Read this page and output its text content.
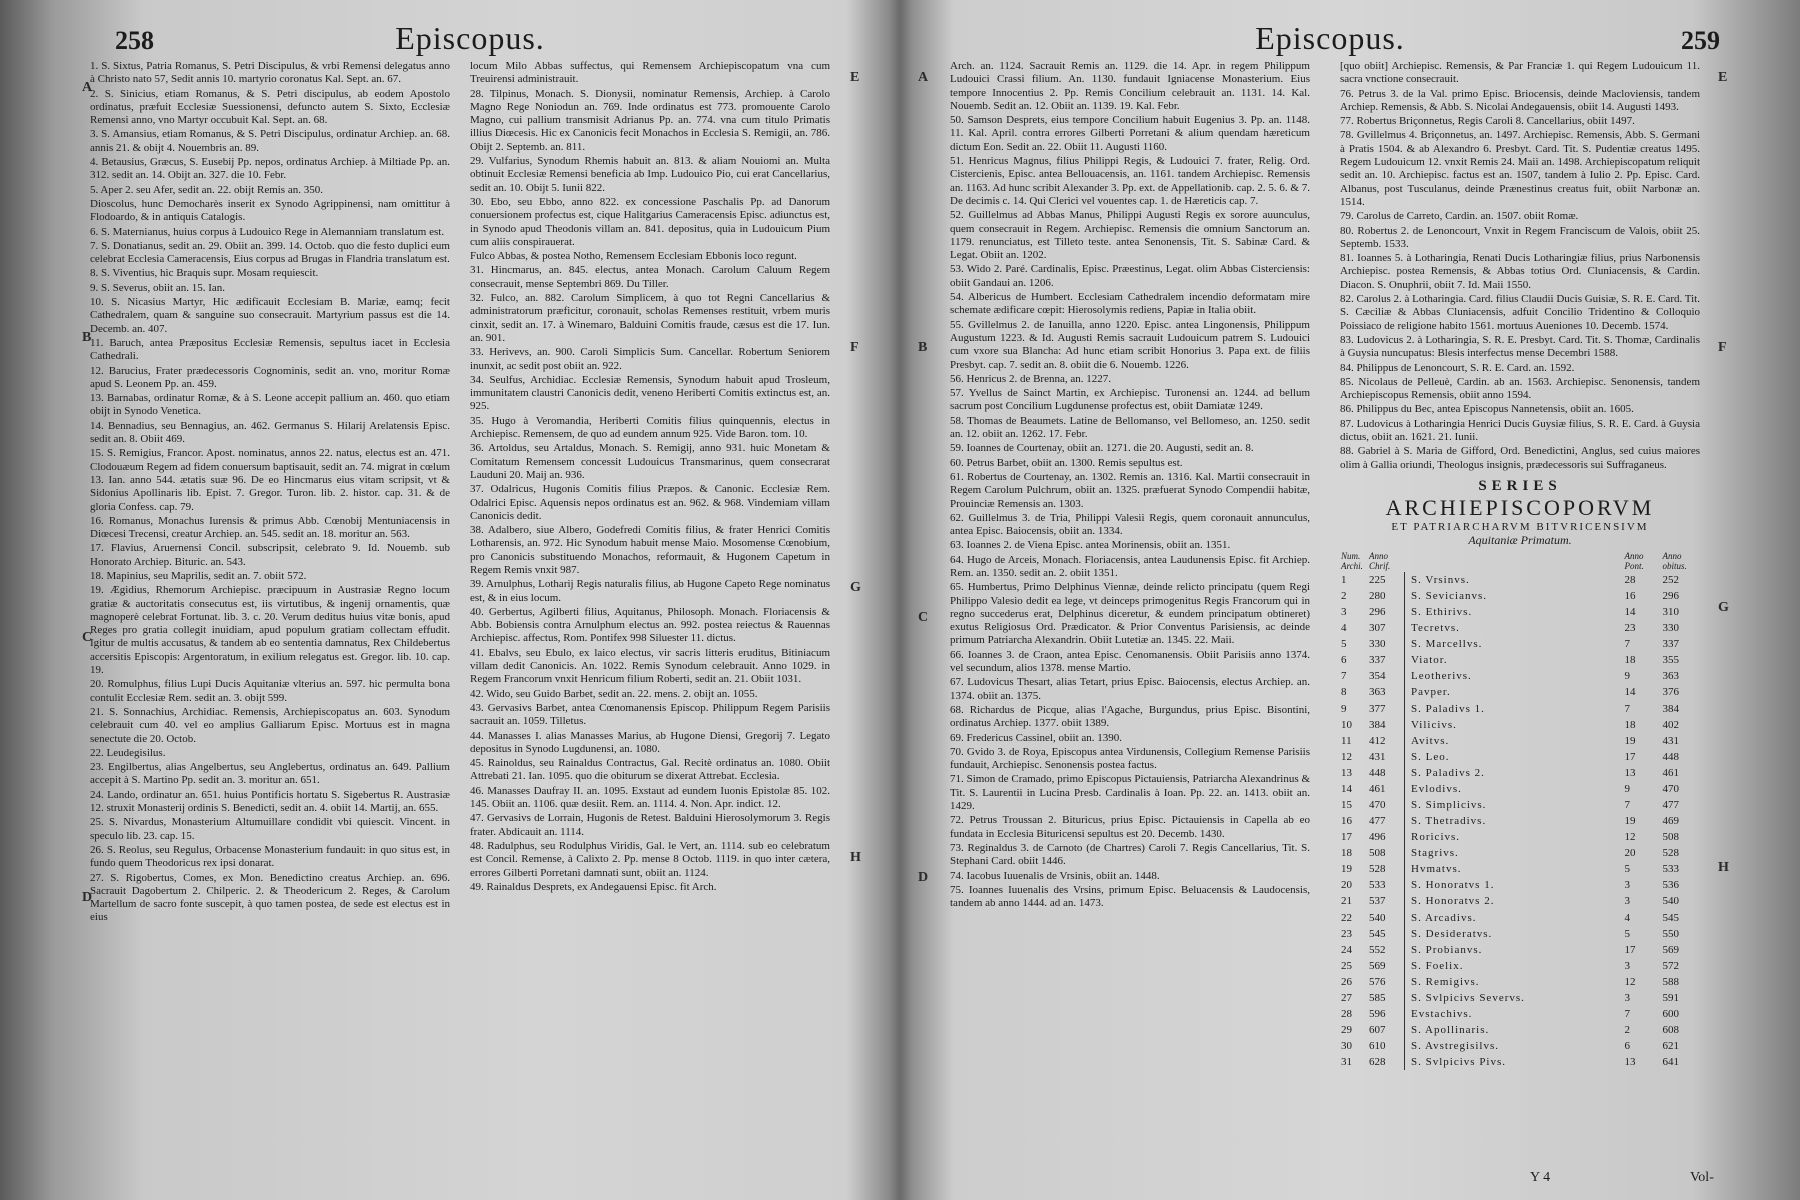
258	Episcopus.
A
B
C
D
E
F
G
H

1. S. Sixtus, Patria Romanus, S. Petri Discipulus, & vrbi Remensi delegatus anno à Christo nato 57, Sedit annis 10. martyrio coronatus Kal. Sept. an. 67.

2. S. Sinicius, etiam Romanus, & S. Petri discipulus, ab eodem Apostolo ordinatus, præfuit Ecclesiæ Suessionensi, defuncto autem S. Sixto, Ecclesiæ Remensi anno, vno Martyr occubuit Kal. Sept. an. 68.

3. S. Amansius, etiam Romanus, & S. Petri Discipulus, ordinatur Archiep. an. 68. annis 21. & obijt 4. Nouembris an. 89.

4. Betausius, Græcus, S. Eusebij Pp. nepos, ordinatus Archiep. à Miltiade Pp. an. 312. sedit an. 14. Obijt an. 327. die 10. Febr.

5. Aper 2. seu Afer, sedit an. 22. obijt Remis an. 350.

Dioscolus, hunc Democharès inserit ex Synodo Agrippinensi, nam omittitur à Flodoardo, & in antiquis Catalogis.

6. S. Maternianus, huius corpus à Ludouico Rege in Alemanniam translatum est.

7. S. Donatianus, sedit an. 29. Obiit an. 399. 14. Octob. quo die festo duplici eum celebrat Ecclesia Cameracensis, Eius corpus ad Brugas in Flandria translatum est.

8. S. Viventius, hic Braquis supr. Mosam requiescit.

9. S. Severus, obiit an. 15. Ian.

10. S. Nicasius Martyr, Hic ædificauit Ecclesiam B. Mariæ, eamq; fecit Cathedralem, quam & sanguine suo consecrauit. Martyrium passus est die 14. Decemb. an. 407.

11. Baruch, antea Præpositus Ecclesiæ Remensis, sepultus iacet in Ecclesia Cathedrali.

12. Barucius, Frater prædecessoris Cognominis, sedit an. vno, moritur Romæ apud S. Leonem Pp. an. 459.

13. Barnabas, ordinatur Romæ, & à S. Leone accepit pallium an. 460. quo etiam obijt in Synodo Venetica.

14. Bennadius, seu Bennagius, an. 462. Germanus S. Hilarij Arelatensis Episc. sedit an. 8. Obiit 469.

15. S. Remigius, Francor. Apost. nominatus, annos 22. natus, electus est an. 471. Clodouæum Regem ad fidem conuersum baptisauit, sedit an. 74. migrat in cœlum 13. Ian. anno 544. ætatis suæ 96. De eo Hincmarus eius vitam scripsit, vt & Sidonius Apollinaris lib. Epist. 7. Gregor. Turon. lib. 2. histor. cap. 31. & de gloria Confess. cap. 79.

16. Romanus, Monachus Iurensis & primus Abb. Cœnobij Mentuniacensis in Diœcesi Trecensi, creatur Archiep. an. 545. sedit an. 18. moritur an. 563.

17. Flavius, Aruernensi Concil. subscripsit, celebrato 9. Id. Nouemb. sub Honorato Archiep. Bituric. an. 543.

18. Mapinius, seu Maprilis, sedit an. 7. obiit 572.

19. Ægidius, Rhemorum Archiepisc. præcipuum in Austrasiæ Regno locum gratiæ & auctoritatis consecutus est, iis virtutibus, & ingenij ornamentis, quæ magnoperè celebrat Fortunat. lib. 3. c. 20. Verum deditus huius vitæ bonis, apud Reges pro gratia collegit inuidiam, apud populum gratiam collectam effudit. Igitur de multis accusatus, & tandem ab eo sententia damnatus, Rex Childebertus accersitis Episcopis: Argentoratum, in exilium relegatus est. Gregor. lib. 10. cap. 19.

20. Romulphus, filius Lupi Ducis Aquitaniæ vlterius an. 597. hic permulta bona contulit Ecclesiæ Rem. sedit an. 3. obijt 599.

21. S. Sonnachius, Archidiac. Remensis, Archiepiscopatus an. 603. Synodum celebrauit cum 40. vel eo amplius Galliarum Episc. Mortuus est in magna senectute die 20. Octob.

22. Leudegisilus.

23. Engilbertus, alias Angelbertus, seu Anglebertus, ordinatus an. 649. Pallium accepit à S. Martino Pp. sedit an. 3. moritur an. 651.

24. Lando, ordinatur an. 651. huius Pontificis hortatu S. Sigebertus R. Austrasiæ 12. struxit Monasterij ordinis S. Benedicti, sedit an. 4. obiit 14. Martij, an. 655.

25. S. Nivardus, Monasterium Altumuillare condidit vbi quiescit. Vincent. in speculo lib. 23. cap. 15.

26. S. Reolus, seu Regulus, Orbacense Monasterium fundauit: in quo situs est, in fundo quem Theodoricus rex ipsi donarat.

27. S. Rigobertus, Comes, ex Mon. Benedictino creatus Archiep. an. 696. Sacrauit Dagobertum 2. Chilperic. 2. & Theodericum 2. Reges, & Carolum Martellum de sacro fonte suscepit, à quo tamen postea, de sede est electus est in eius

locum Milo Abbas suffectus, qui Remensem Archiepiscopatum vna cum Treuirensi administrauit.

28. Tilpinus, Monach. S. Dionysii, nominatur Remensis, Archiep. à Carolo Magno Rege Noniodun an. 769. Inde ordinatus est 773. promouente Carolo Magno, cui pallium transmisit Adrianus Pp. an. 774. vna cum titulo Primatis illius Diœcesis. Hic ex Canonicis fecit Monachos in Ecclesia S. Remigii, an. 786. Obijt 2. Septemb. an. 811.

29. Vulfarius, Synodum Rhemis habuit an. 813. & aliam Nouiomi an. Multa obtinuit Ecclesiæ Remensi beneficia ab Imp. Ludouico Pio, cui erat Cancellarius, sedit an. 10. Obijt 5. Iunii 822.

30. Ebo, seu Ebbo, anno 822. ex concessione Paschalis Pp. ad Danorum conuersionem profectus est, cique Halitgarius Cameracensis Episc. adiunctus est, in Synodo apud Theodonis villam an. 841. depositus, quia in Ludouicum Pium cum aliis conspirauerat.

Fulco Abbas, & postea Notho, Remensem Ecclesiam Ebbonis loco regunt.

31. Hincmarus, an. 845. electus, antea Monach. Carolum Caluum Regem consecrauit, mense Septembri 869. Du Tiller.

32. Fulco, an. 882. Carolum Simplicem, à quo tot Regni Cancellarius & administratorum præficitur, coronauit, scholas Remenses restituit, vrbem muris cinxit, sedit an. 17. à Winemaro, Balduini Comitis fraude, cæsus est die 17. Iun. an. 901.

33. Herivevs, an. 900. Caroli Simplicis Sum. Cancellar. Robertum Seniorem inunxit, ac sedit post obiit an. 922.

34. Seulfus, Archidiac. Ecclesiæ Remensis, Synodum habuit apud Trosleum, immunitatem claustri Canonicis dedit, veneno Heriberti Comitis extinctus est, an. 925.

35. Hugo à Veromandia, Heriberti Comitis filius quinquennis, electus in Archiepisc. Remensem, de quo ad eundem annum 925. Vide Baron. tom. 10.

36. Artoldus, seu Artaldus, Monach. S. Remigij, anno 931. huic Monetam & Comitatum Remensem concessit Ludouicus Transmarinus, quem consecrarat Lauduni 20. Maij an. 936.

37. Odalricus, Hugonis Comitis filius Præpos. & Canonic. Ecclesiæ Rem. Odalrici Episc. Aquensis nepos ordinatus est an. 962. & 968. Vindemiam villam Canonicis dedit.

38. Adalbero, siue Albero, Godefredi Comitis filius, & frater Henrici Comitis Lotharensis, an. 972. Hic Synodum habuit mense Maio. Mosomense Cœnobium, pro Canonicis substituendo Monachos, reformauit, & Hugonem Capetum in Regem Remis vnxit 987.

39. Arnulphus, Lotharij Regis naturalis filius, ab Hugone Capeto Rege nominatus est, & in eius locum.

40. Gerbertus, Agilberti filius, Aquitanus, Philosoph. Monach. Floriacensis & Abb. Bobiensis contra Arnulphum electus an. 992. postea reiectus & Rauennas Archiepisc. affectus, Rom. Pontifex 998 Siluester 11. dictus.

41. Ebalvs, seu Ebulo, ex laico electus, vir sacris litteris eruditus, Bitiniacum villam dedit Canonicis. An. 1022. Remis Synodum celebrauit. Anno 1029. in Regem Francorum vnxit Henricum filium Roberti, sedit an. 21. Obiit 1031.

42. Wido, seu Guido Barbet, sedit an. 22. mens. 2. obijt an. 1055.

43. Gervasivs Barbet, antea Cœnomanensis Episcop. Philippum Regem Parisiis sacrauit an. 1059. Tilletus.

44. Manasses I. alias Manasses Marius, ab Hugone Diensi, Gregorij 7. Legato depositus in Synodo Lugdunensi, an. 1080.

45. Rainoldus, seu Rainaldus Contractus, Gal. Recitè ordinatus an. 1080. Obiit Attrebati 21. Ian. 1095. quo die obiturum se dixerat Attrebat. Ecclesia.

46. Manasses Daufray II. an. 1095. Exstaut ad eundem Iuonis Epistolæ 85. 102. 145. Obiit an. 1106. quæ desiit. Rem. an. 1114. 4. Non. Apr. indict. 12.

47. Gervasivs de Lorrain, Hugonis de Retest. Balduini Hierosolymorum 3. Regis frater. Abdicauit an. 1114.

48. Radulphus, seu Rodulphus Viridis, Gal. le Vert, an. 1114. sub eo celebratum est Concil. Remense, à Calixto 2. Pp. mense 8 Octob. 1119. in quo inter cætera, errores Gilberti Porretani damnati sunt, obiit an. 1124.

49. Rainaldus Desprets, ex Andegauensi Episc. fit Arch.

Episcopus.	259
A
B
C
D
E
F
G
H

Arch. an. 1124. Sacrauit Remis an. 1129. die 14. Apr. in regem Philippum Ludouici Crassi filium. An. 1130. fundauit Igniacense Monasterium. Eius tempore Innocentius 2. Pp. Remis Concilium celebrauit an. 1131. 14. Kal. Nouemb. Sedit an. 12. Obiit an. 1139. 19. Kal. Febr.

50. Samson Desprets, eius tempore Concilium habuit Eugenius 3. Pp. an. 1148. 11. Kal. April. contra errores Gilberti Porretani & alium quendam hæreticum dictum Eon. Sedit an. 22. Obiit 11. Augusti 1160.

51. Henricus Magnus, filius Philippi Regis, & Ludouici 7. frater, Relig. Ord. Cistercienis, Episc. antea Bellouacensis, an. 1161. tandem Archiepisc. Remensis an. 1163. Ad hunc scribit Alexander 3. Pp. ext. de Appellationib. cap. 2. 5. 6. & 7. De decimis c. 14. Qui Clerici vel vouentes cap. 1. de Hæreticis cap. 7.

52. Guillelmus ad Abbas Manus, Philippi Augusti Regis ex sorore auunculus, quem consecrauit in Regem. Archiepisc. Remensis die omnium Sanctorum an. 1179. renunciatus, est Tilleto teste. antea Senonensis, Tit. S. Sabinæ Card. & Legat. Obiit an. 1202.

53. Wido 2. Paré. Cardinalis, Episc. Præestinus, Legat. olim Abbas Cisterciensis: obiit Gandaui an. 1206.

54. Albericus de Humbert. Ecclesiam Cathedralem incendio deformatam mire schemate ædificare cœpit: Hierosolymis rediens, Papiæ in Italia obiit.

55. Gvillelmus 2. de Ianuilla, anno 1220. Episc. antea Lingonensis, Philippum Augustum 1223. & Id. Augusti Remis sacrauit Ludouicum patrem S. Ludouici cum vxore sua Blancha: Ad hunc etiam scribit Honorius 3. Papa ext. de filiis Presbyt. cap. 7. sedit an. 8. obiit die 6. Nouemb. 1226.

56. Henricus 2. de Brenna, an. 1227.

57. Yvellus de Sainct Martin, ex Archiepisc. Turonensi an. 1244. ad bellum sacrum post Concilium Lugdunense profectus est, obiit Damiatæ 1249.

58. Thomas de Beaumets. Latine de Bellomanso, vel Bellomeso, an. 1250. sedit an. 12. obiit an. 1262. 17. Febr.

59. Ioannes de Courtenay, obiit an. 1271. die 20. Augusti, sedit an. 8.

60. Petrus Barbet, obiit an. 1300. Remis sepultus est.

61. Robertus de Courtenay, an. 1302. Remis an. 1316. Kal. Martii consecrauit in Regem Carolum Pulchrum, obiit an. 1325. præfuerat Synodo Compendii habitæ, Prouinciæ Remensis an. 1303.

62. Guillelmus 3. de Tria, Philippi Valesii Regis, quem coronauit annunculus, antea Episc. Baiocensis, obiit an. 1334.

63. Ioannes 2. de Viena Episc. antea Morinensis, obiit an. 1351.

64. Hugo de Arceis, Monach. Floriacensis, antea Laudunensis Episc. fit Archiep. Rem. an. 1350. sedit an. 2. obiit 1351.

65. Humbertus, Primo Delphinus Viennæ, deinde relicto principatu (quem Regi Philippo Valesio dedit ea lege, vt deinceps primogenitus Regis Francorum qui in regno succederus erat, Delphinus diceretur, & eundem principatum obtineret) exutus Religiosus Ord. Prædicator. & Prior Conventus Parisiensis, ac deinde primum Patriarcha Alexandrin. Obiit Lutetiæ an. 1345. 22. Maii.

66. Ioannes 3. de Craon, antea Episc. Cenomanensis. Obiit Parisiis anno 1374. vel secundum, alios 1378. mense Martio.

67. Ludovicus Thesart, alias Tetart, prius Episc. Baiocensis, electus Archiep. an. 1374. obiit an. 1375.

68. Richardus de Picque, alias l'Agache, Burgundus, prius Episc. Bisontini, ordinatus Archiep. 1377. obiit 1389.

69. Fredericus Cassinel, obiit an. 1390.

70. Gvido 3. de Roya, Episcopus antea Virdunensis, Collegium Remense Parisiis fundauit, Archiepisc. Senonensis postea factus.

71. Simon de Cramado, primo Episcopus Pictauiensis, Patriarcha Alexandrinus & Tit. S. Laurentii in Lucina Presb. Cardinalis à Ioan. Pp. 22. an. 1413. obiit an. 1429.

72. Petrus Troussan 2. Bituricus, prius Episc. Pictauiensis in Capella ab eo fundata in Ecclesia Bituricensi sepultus est 20. Decemb. 1430.

73. Reginaldus 3. de Carnoto (de Chartres) Caroli 7. Regis Cancellarius, Tit. S. Stephani Card. obiit 1446.

74. Iacobus Iuuenalis de Vrsinis, obiit an. 1448.

75. Ioannes Iuuenalis des Vrsins, primum Episc. Beluacensis & Laudocensis, tandem ab anno 1444. ad an. 1473.

[quo obiit] Archiepisc. Remensis, & Par Franciæ 1. qui Regem Ludouicum 11. sacra vnctione consecrauit.

76. Petrus 3. de la Val. primo Episc. Briocensis, deinde Macloviensis, tandem Archiep. Remensis, & Abb. S. Nicolai Andegauensis, obiit 14. Augusti 1493.

77. Robertus Briçonnetus, Regis Caroli 8. Cancellarius, obiit 1497.

78. Gvillelmus 4. Briçonnetus, an. 1497. Archiepisc. Remensis, Abb. S. Germani à Pratis 1504. & ab Alexandro 6. Presbyt. Card. Tit. S. Pudentiæ creatus 1495. Regem Ludouicum 12. vnxit Remis 24. Maii an. 1498. Archiepiscopatum reliquit sedit an. 10. Archiepisc. factus est an. 1507, tandem à Iulio 2. Pp. Episc. Card. Albanus, post Tusculanus, deinde Prænestinus creatus fuit, obiit Narbonæ an. 1514.

79. Carolus de Carreto, Cardin. an. 1507. obiit Romæ.

80. Robertus 2. de Lenoncourt, Vnxit in Regem Franciscum de Valois, obiit 25. Septemb. 1533.

81. Ioannes 5. à Lotharingia, Renati Ducis Lotharingiæ filius, prius Narbonensis Archiepisc. postea Remensis, & Abbas totius Ord. Cluniacensis, & Cardin. Diacon. S. Onuphrii, obiit 7. Id. Maii 1550.

82. Carolus 2. à Lotharingia. Card. filius Claudii Ducis Guisiæ, S. R. E. Card. Tit. S. Cæciliæ & Abbas Cluniacensis, adfuit Concilio Tridentino & Colloquio Poissiaco de religione habito 1561. mortuus Aueniones 10. Decemb. 1574.

83. Ludovicus 2. à Lotharingia, S. R. E. Presbyt. Card. Tit. S. Thomæ, Cardinalis à Guysia nuncupatus: Blesis interfectus mense Decembri 1588.

84. Philippus de Lenoncourt, S. R. E. Card. an. 1592.

85. Nicolaus de Pelleuè, Cardin. ab an. 1563. Archiepisc. Senonensis, tandem Archiepiscopus Remensis, obiit anno 1594.

86. Philippus du Bec, antea Episcopus Nannetensis, obiit an. 1605.

87. Ludovicus à Lotharingia Henrici Ducis Guysiæ filius, S. R. E. Card. à Guysia dictus, obiit an. 1621. 21. Iunii.

88. Gabriel à S. Maria de Gifford, Ord. Benedictini, Anglus, sed cuius maiores olim à Gallia oriundi, Theologus insignis, prædecessoris sui Suffraganeus.

SERIES
ARCHIEPISCOPORVM
ET PATRIARCHARVM BITVRICENSIVM
Aquitaniæ Primatum.
Num. Archi.	Anno Chrif.		Anno Pont.	Anno obitus.
1	225	S. Vrsinvs.	28	252
2	280	S. Sevicianvs.	16	296
3	296	S. Ethirivs.	14	310
4	307	Tecretvs.	23	330
5	330	S. Marcellvs.	7	337
6	337	Viator.	18	355
7	354	Leotherivs.	9	363
8	363	Pavper.	14	376
9	377	S. Paladivs 1.	7	384
10	384	Vilicivs.	18	402
11	412	Avitvs.	19	431
12	431	S. Leo.	17	448
13	448	S. Paladivs 2.	13	461
14	461	Evlodivs.	9	470
15	470	S. Simplicivs.	7	477
16	477	S. Thetradivs.	19	469
17	496	Roricivs.	12	508
18	508	Stagrivs.	20	528
19	528	Hvmatvs.	5	533
20	533	S. Honoratvs 1.	3	536
21	537	S. Honoratvs 2.	3	540
22	540	S. Arcadivs.	4	545
23	545	S. Desideratvs.	5	550
24	552	S. Probianvs.	17	569
25	569	S. Foelix.	3	572
26	576	S. Remigivs.	12	588
27	585	S. Svlpicivs Severvs.	3	591
28	596	Evstachivs.	7	600
29	607	S. Apollinaris.	2	608
30	610	S. Avstregisilvs.	6	621
31	628	S. Svlpicivs Pivs.	13	641
Y 4	Vol-
